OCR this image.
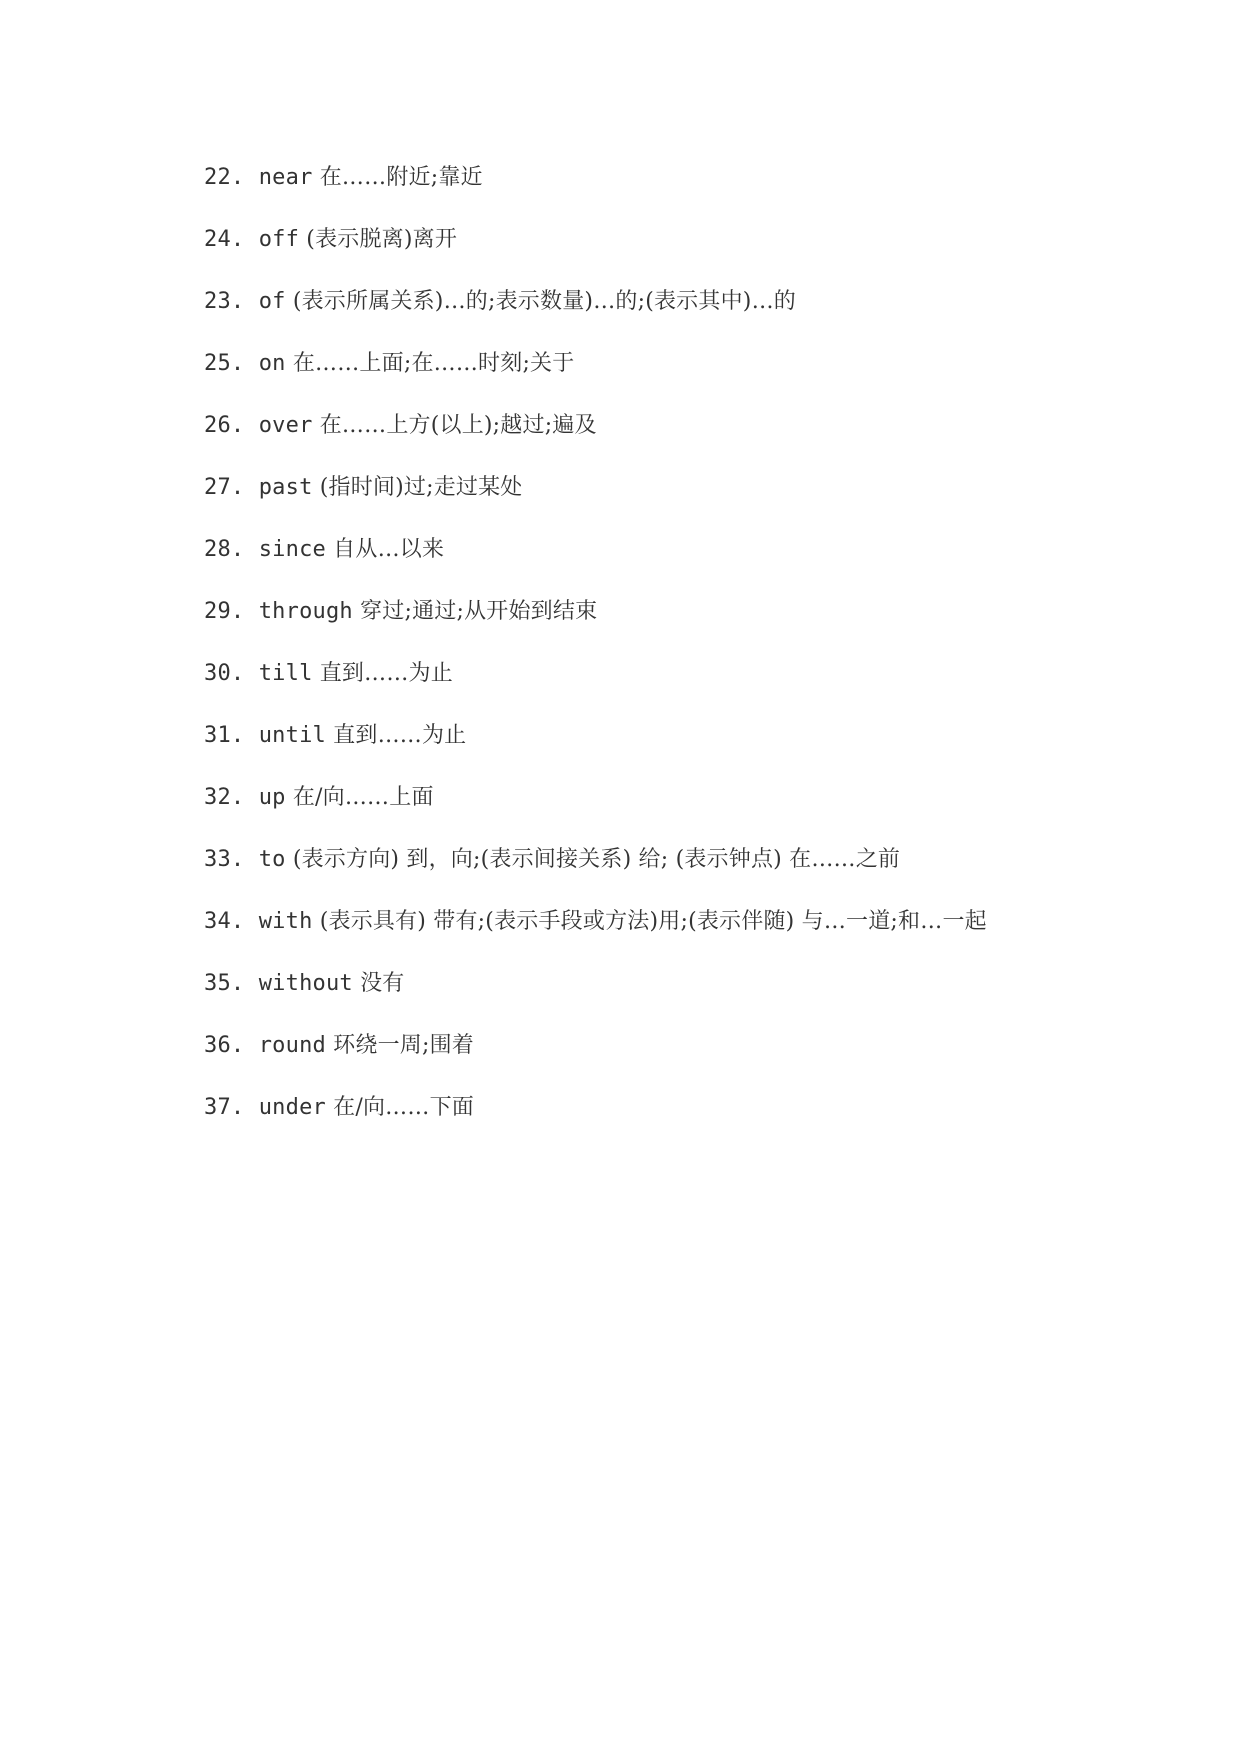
22. near 在……附近;靠近
24. off (表示脱离)离开
23. of (表示所属关系)…的;表示数量)…的;(表示其中)…的
25. on 在……上面;在……时刻;关于
26. over 在……上方(以上);越过;遍及
27. past (指时间)过;走过某处
28. since 自从…以来
29. through 穿过;通过;从开始到结束
30. till 直到……为止
31. until 直到……为止
32. up 在/向……上面
33. to (表示方向) 到，向;(表示间接关系) 给; (表示钟点) 在……之前
34. with (表示具有) 带有;(表示手段或方法)用;(表示伴随) 与…一道;和…一起
35. without 没有
36. round 环绕一周;围着
37. under 在/向……下面
